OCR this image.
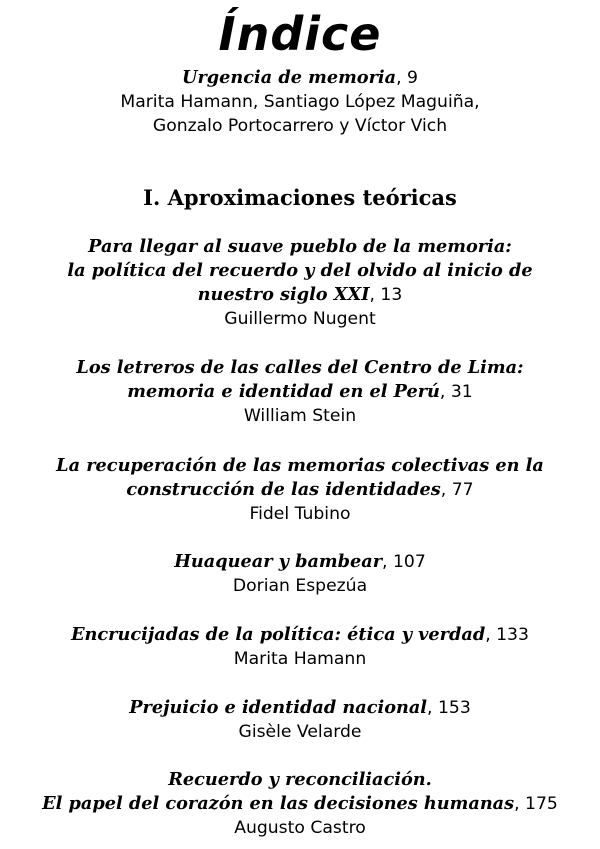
Índice
Urgencia de memoria, 9
Marita Hamann, Santiago López Maguiña,
Gonzalo Portocarrero y Víctor Vich
I. Aproximaciones teóricas
Para llegar al suave pueblo de la memoria:
la política del recuerdo y del olvido al inicio de
nuestro siglo XXI, 13
Guillermo Nugent
Los letreros de las calles del Centro de Lima:
memoria e identidad en el Perú, 31
William Stein
La recuperación de las memorias colectivas en la
construcción de las identidades, 77
Fidel Tubino
Huaquear y bambear, 107
Dorian Espezúa
Encrucijadas de la política: ética y verdad, 133
Marita Hamann
Prejuicio e identidad nacional, 153
Gisèle Velarde
Recuerdo y reconciliación.
El papel del corazón en las decisiones humanas, 175
Augusto Castro
